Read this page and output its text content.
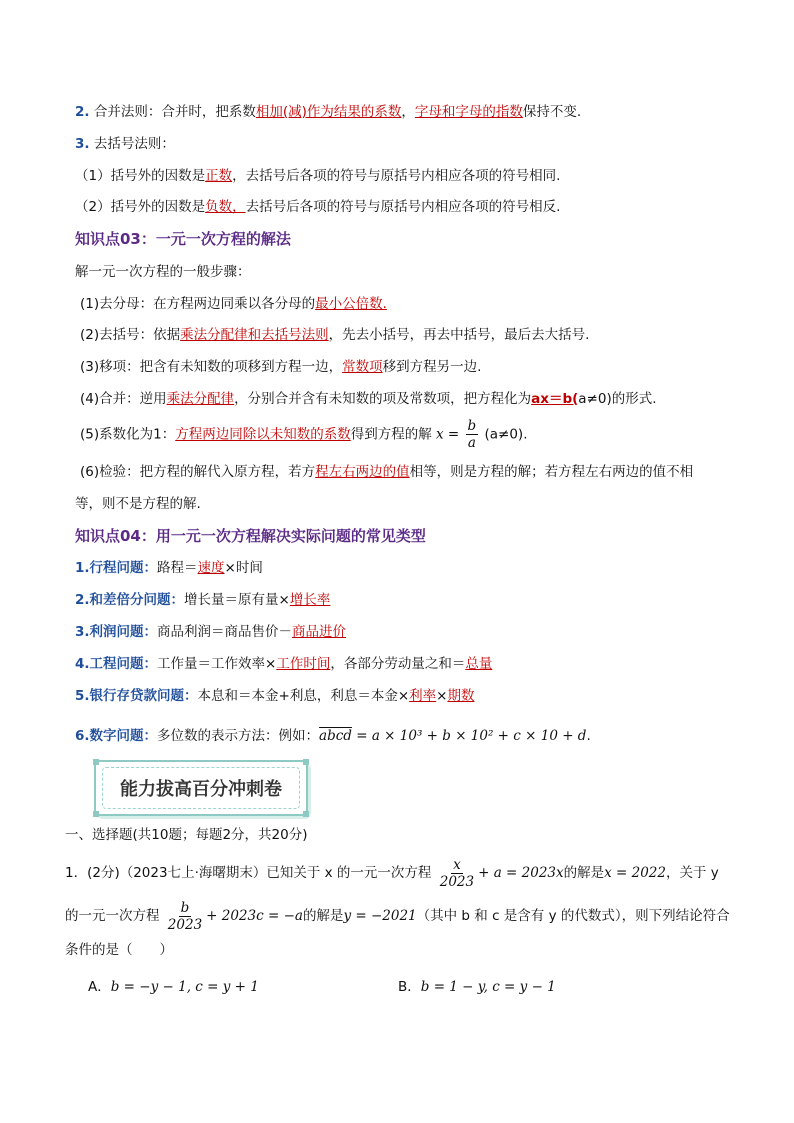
2. 合并法则：合并时，把系数相加(减)作为结果的系数，字母和字母的指数保持不变.
3. 去括号法则：
（1）括号外的因数是正数，去括号后各项的符号与原括号内相应各项的符号相同.
（2）括号外的因数是负数，去括号后各项的符号与原括号内相应各项的符号相反.
知识点03：一元一次方程的解法
解一元一次方程的一般步骤：
(1)去分母：在方程两边同乘以各分母的最小公倍数.
(2)去括号：依据乘法分配律和去括号法则，先去小括号，再去中括号，最后去大括号.
(3)移项：把含有未知数的项移到方程一边，常数项移到方程另一边.
(4)合并：逆用乘法分配律，分别合并含有未知数的项及常数项，把方程化为ax＝b(a≠0)的形式.
(5)系数化为1：方程两边同除以未知数的系数得到方程的解 $x = \frac{b}{a} (a\ne 0)$.
(6)检验：把方程的解代入原方程，若方程左右两边的值相等，则是方程的解；若方程左右两边的值不相
等，则不是方程的解.
知识点04：用一元一次方程解决实际问题的常见类型
1.行程问题：路程＝速度×时间
2.和差倍分问题：增长量＝原有量×增长率
3.利润问题：商品利润＝商品售价－商品进价
4.工程问题：工作量＝工作效率×工作时间，各部分劳动量之和＝总量
5.银行存贷款问题：本息和＝本金+利息，利息＝本金×利率×期数
6.数字问题：多位数的表示方法：例如：abcd = a × 10³ + b × 10² + c × 10 + d.
能力拔高百分冲刺卷
一、选择题(共10题；每题2分，共20分)
1．(2分)（2023七上·海曙期末）已知关于 x 的一元一次方程 $\frac{x}{2023} + a = 2023x$的解是x = 2022，关于 y
的一元一次方程 $\frac{b}{2023} + 2023c = -a$的解是y = −2021（其中 b 和 c 是含有 y 的代数式），则下列结论符合
条件的是（　　）
A．b = −y − 1, c = y + 1	B．b = 1 − y, c = y − 1
